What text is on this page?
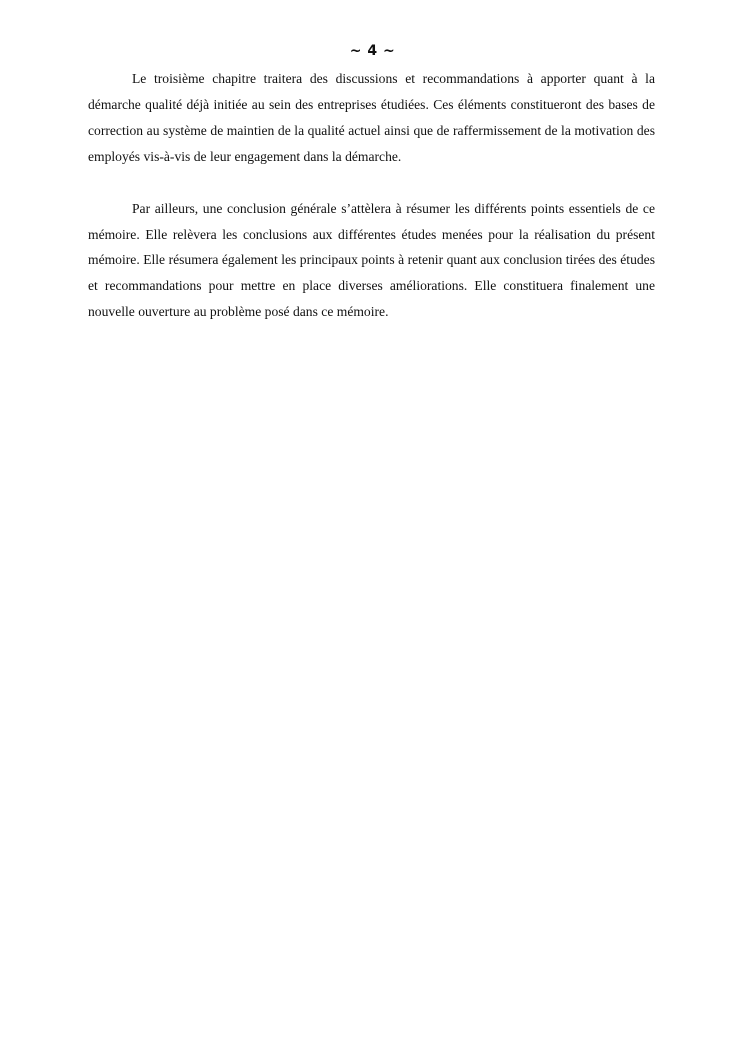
~ 4 ~

Le troisième chapitre traitera des discussions et recommandations à apporter quant à la démarche qualité déjà initiée au sein des entreprises étudiées. Ces éléments constitueront des bases de correction au système de maintien de la qualité actuel ainsi que de raffermissement de la motivation des employés vis-à-vis de leur engagement dans la démarche.

Par ailleurs, une conclusion générale s’attèlera à résumer les différents points essentiels de ce mémoire. Elle relèvera les conclusions aux différentes études menées pour la réalisation du présent mémoire. Elle résumera également les principaux points à retenir quant aux conclusion tirées des études et recommandations pour mettre en place diverses améliorations. Elle constituera finalement une nouvelle ouverture au problème posé dans ce mémoire.
